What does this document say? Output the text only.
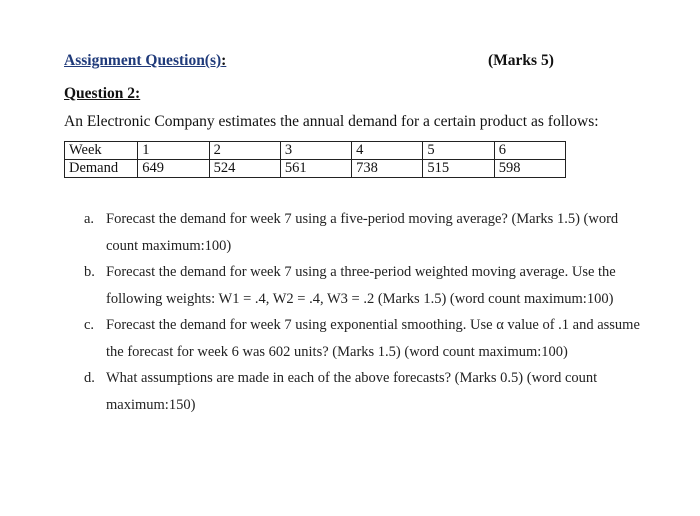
Assignment Question(s):	(Marks 5)
Question 2:
An Electronic Company estimates the annual demand for a certain product as follows:
Week	1	2	3	4	5	6
Demand	649	524	561	738	515	598
a. Forecast the demand for week 7 using a five-period moving average? (Marks 1.5) (word count maximum:100)
b. Forecast the demand for week 7 using a three-period weighted moving average. Use the following weights: W1 = .4, W2 = .4, W3 = .2 (Marks 1.5) (word count maximum:100)
c. Forecast the demand for week 7 using exponential smoothing. Use α value of .1 and assume the forecast for week 6 was 602 units? (Marks 1.5) (word count maximum:100)
d. What assumptions are made in each of the above forecasts? (Marks 0.5) (word count maximum:150)
